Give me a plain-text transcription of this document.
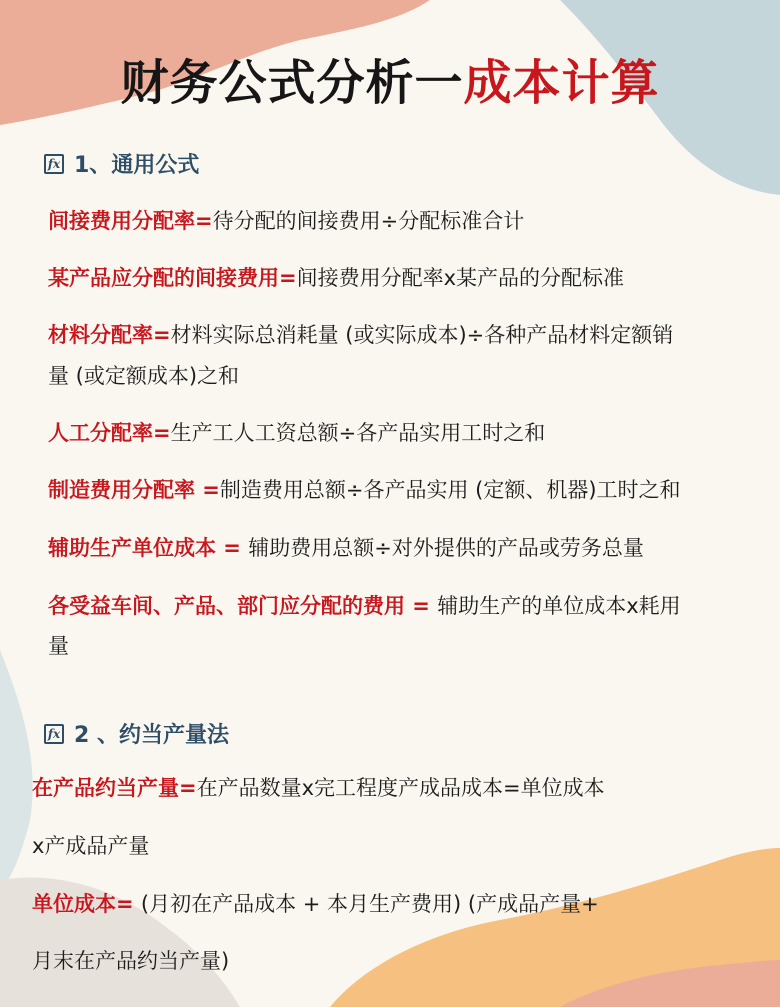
财务公式分析一成本计算
fx 1、通用公式
间接费用分配率=待分配的间接费用÷分配标准合计
某产品应分配的间接费用=间接费用分配率x某产品的分配标准
材料分配率=材料实际总消耗量 (或实际成本)÷各种产品材料定额销
量 (或定额成本)之和
人工分配率=生产工人工资总额÷各产品实用工时之和
制造费用分配率 =制造费用总额÷各产品实用 (定额、机器)工时之和
辅助生产单位成本 = 辅助费用总额÷对外提供的产品或劳务总量
各受益车间、产品、部门应分配的费用 = 辅助生产的单位成本x耗用
量
fx 2 、约当产量法
在产品约当产量=在产品数量x完工程度产成品成本=单位成本
x产成品产量
单位成本= (月初在产品成本 + 本月生产费用) (产成品产量+
月末在产品约当产量)
